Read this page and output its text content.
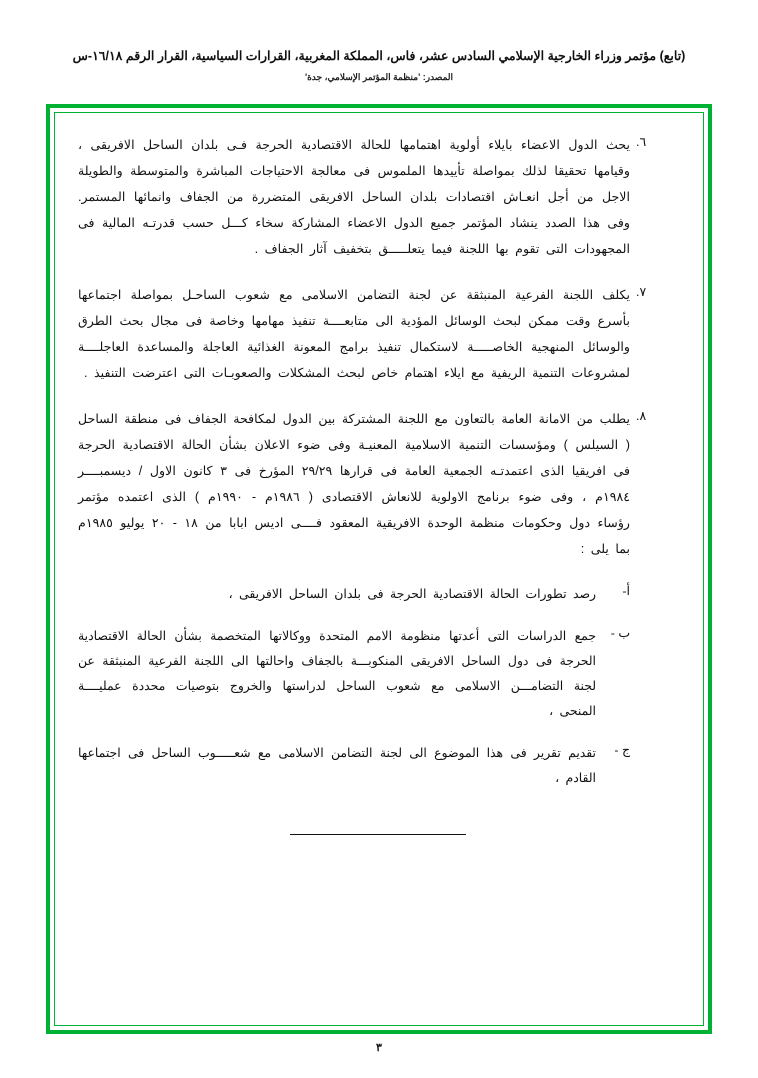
(تابع) مؤتمر وزراء الخارجية الإسلامي السادس عشر، فاس، المملكة المغربية، القرارات السياسية، القرار الرقم ١٦/١٨-س
المصدر: 'منظمة المؤتمر الإسلامي، جدة'
٦.
يحث الدول الاعضاء بايلاء أولوية اهتمامها للحالة الاقتصادية الحرجة فـى بلدان الساحل الافريقى ، وقيامها تحقيقا لذلك بمواصلة تأييدها الملموس فى معالجة الاحتياجات المباشرة والمتوسطة والطويلة الاجل من أجل انعـاش اقتصادات بلدان الساحل الافريقى المتضررة من الجفاف وانمائها المستمر. وفى هذا الصدد ينشاد المؤتمر جميع الدول الاعضاء المشاركة سخاء كـــل حسب قدرتـه المالية فى المجهودات التى تقوم بها اللجنة فيما يتعلـــــق بتخفيف آثار الجفاف .
٧.
يكلف اللجنة الفرعية المنبثقة عن لجنة التضامن الاسلامى مع شعوب الساحـل بمواصلة اجتماعها بأسرع وقت ممكن لبحث الوسائل المؤدية الى متابعــــة تنفيذ مهامها وخاصة فى مجال بحث الطرق والوسائل المنهجية الخاصـــــة لاستكمال تنفيذ برامج المعونة الغذائية العاجلة والمساعدة العاجلــــة لمشروعات التنمية الريفية مع ايلاء اهتمام خاص لبحث المشكلات والصعوبـات التى اعترضت التنفيذ .
٨.
يطلب من الامانة العامة بالتعاون مع اللجنة المشتركة بين الدول لمكافحة الجفاف فى منطقة الساحل ( السيلس ) ومؤسسات التنمية الاسلامية المعنيـة وفى ضوء الاعلان بشأن الحالة الاقتصادية الحرجة فى افريقيا الذى اعتمدتـه الجمعية العامة فى قرارها ٢٩/٢٩ المؤرخ فى ٣ كانون الاول / ديسمبــــر ١٩٨٤م ، وفى ضوء برنامج الاولوية للانعاش الاقتصادى ( ١٩٨٦م - ١٩٩٠م ) الذى اعتمده مؤتمر رؤساء دول وحكومات منظمة الوحدة الافريقية المعقود فــــى اديس ابابا من ١٨ - ٢٠ يوليو ١٩٨٥م بما يلى :
أ-
رصد تطورات الحالة الاقتصادية الحرجة فى بلدان الساحل الافريقى ،
ب -
جمع الدراسات التى أعدتها منظومة الامم المتحدة ووكالاتها المتخصمة بشأن الحالة الاقتصادية الحرجة فى دول الساحل الافريقى المنكوبـــة بالجفاف واحالتها الى اللجنة الفرعية المنبثقة عن لجنة التضامـــن الاسلامى مع شعوب الساحل لدراستها والخروج بتوصيات محددة عمليــــة المنحى ،
ج -
تقديم تقرير فى هذا الموضوع الى لجنة التضامن الاسلامى مع شعـــــوب الساحل فى اجتماعها القادم ،
٣
